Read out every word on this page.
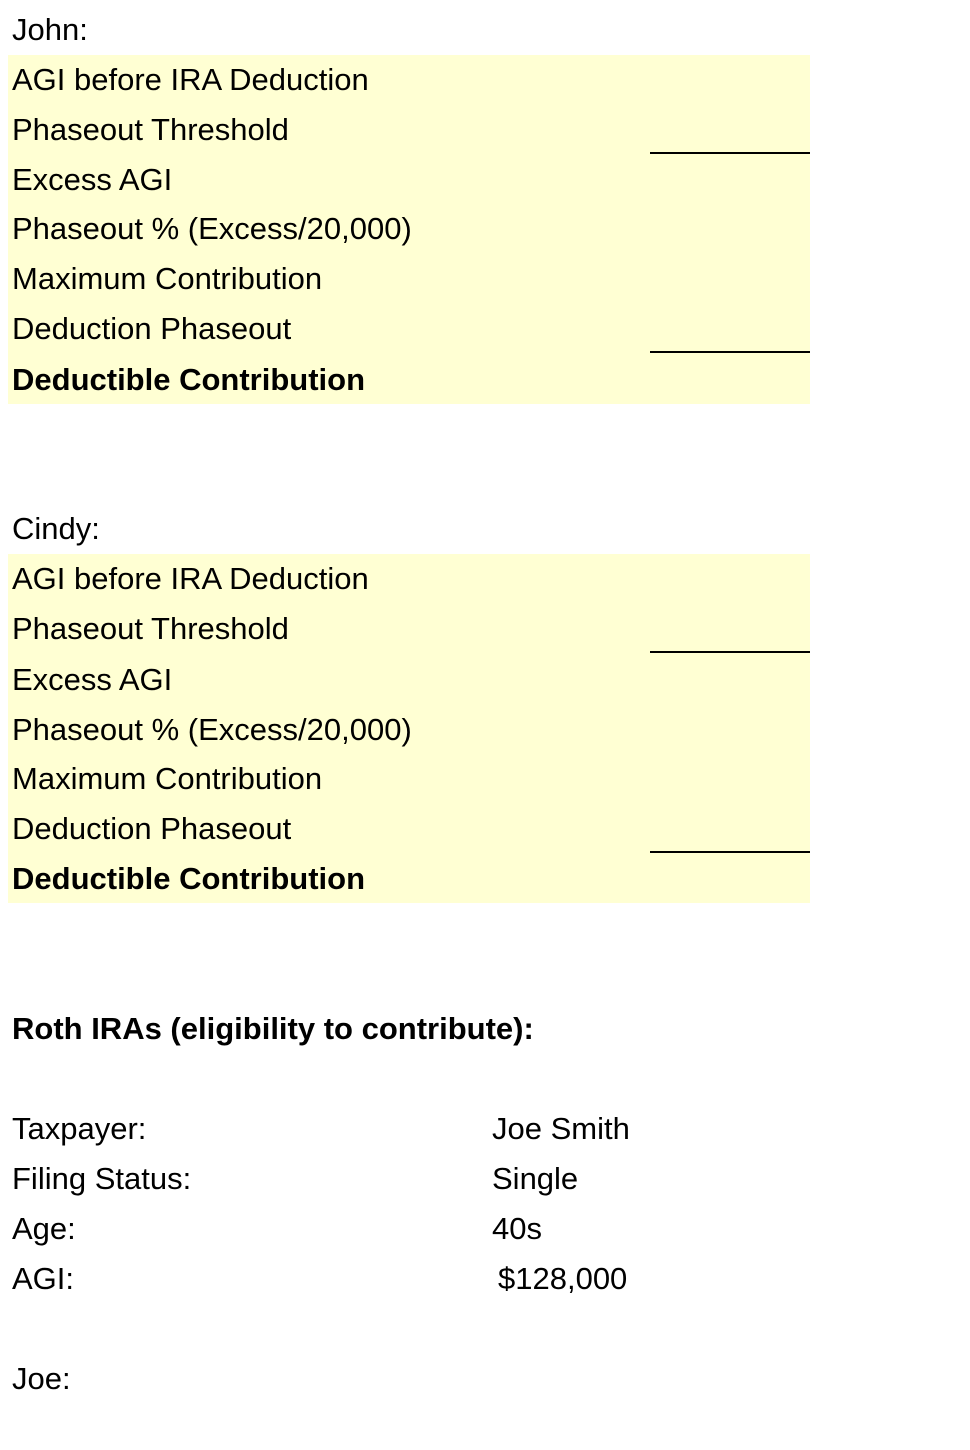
John:
AGI before IRA Deduction
Phaseout Threshold
Excess AGI
Phaseout % (Excess/20,000)
Maximum Contribution
Deduction Phaseout
Deductible Contribution
Cindy:
AGI before IRA Deduction
Phaseout Threshold
Excess AGI
Phaseout % (Excess/20,000)
Maximum Contribution
Deduction Phaseout
Deductible Contribution
Roth IRAs (eligibility to contribute):
Taxpayer:	Joe Smith
Filing Status:	Single
Age:	40s
AGI:	$128,000
Joe:
